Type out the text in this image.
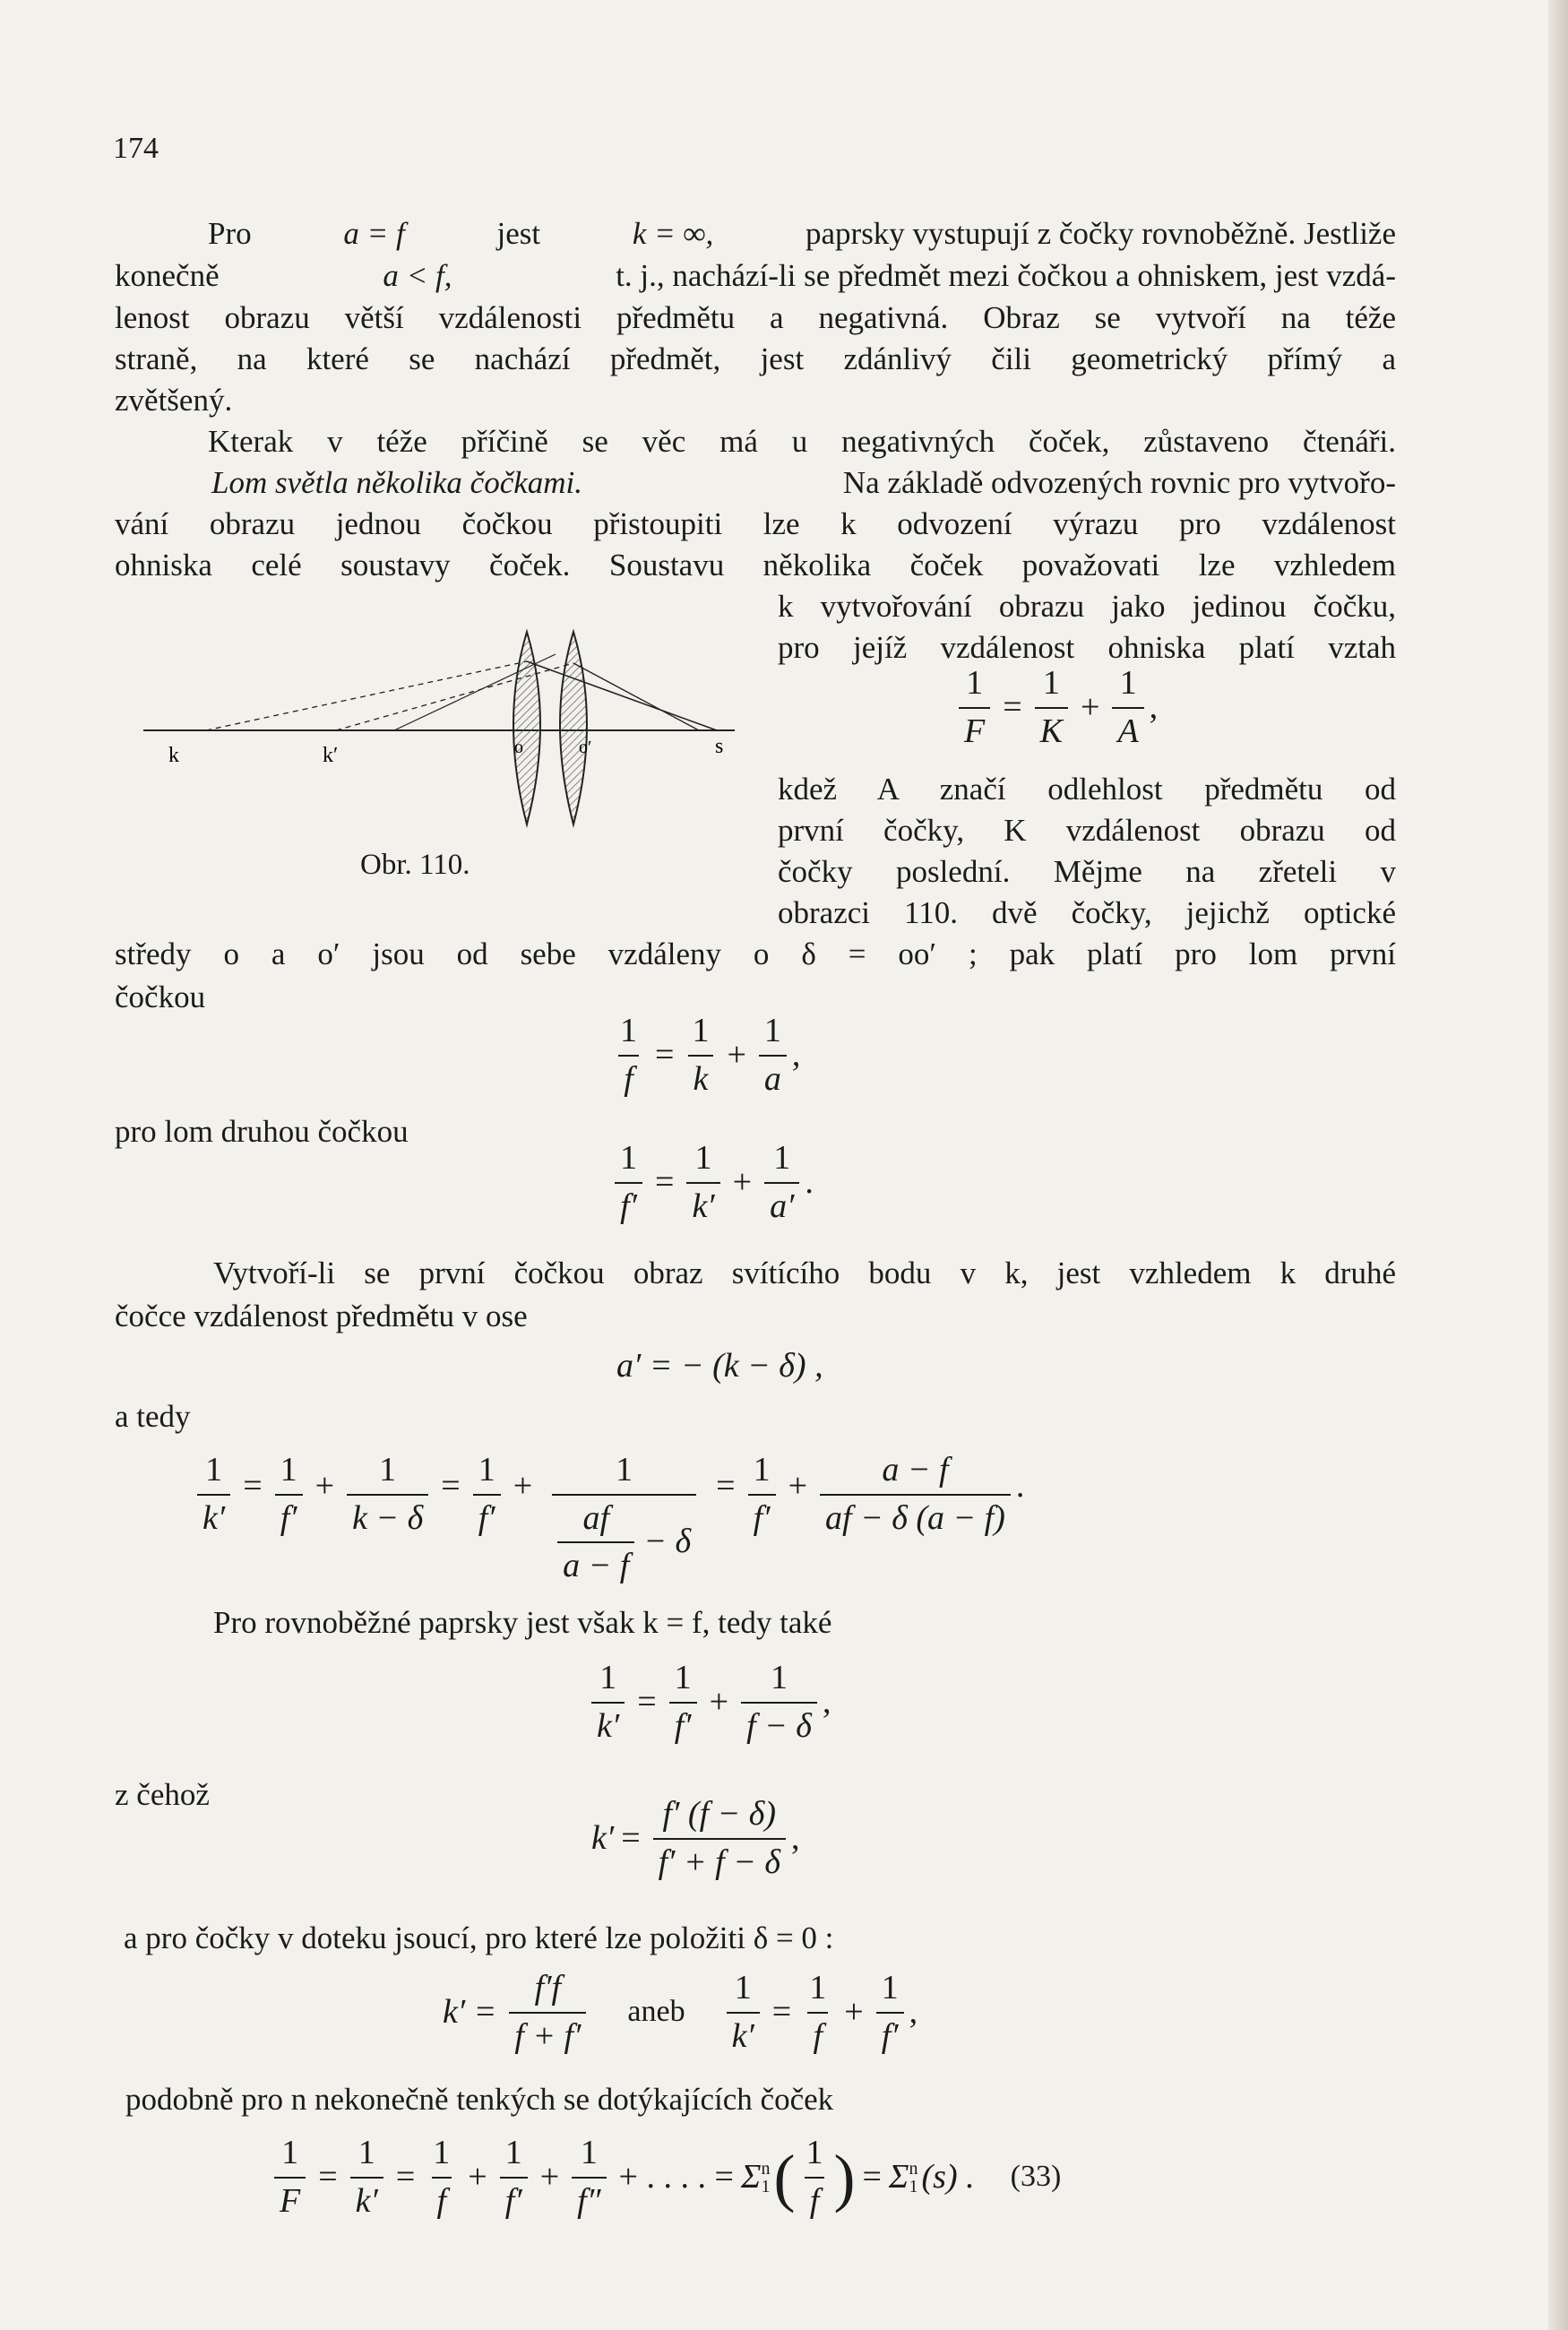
174
Pro	a = f	jest	k = ∞,	paprsky vystupují z čočky rovnoběžně. Jestliže
konečně	a < f,	t. j., nachází-li se předmět mezi čočkou a ohniskem, jest vzdá-
lenost obrazu větší vzdálenosti předmětu a negativná. Obraz se vytvoří na téže
straně, na které se nachází předmět, jest zdánlivý čili geometrický přímý a
zvětšený.
Kterak v téže příčině se věc má u negativných čoček, zůstaveno čtenáři.
Lom světla několika čočkami.	Na základě odvozených rovnic pro vytvořo-
vání obrazu jednou čočkou přistoupiti lze k odvození výrazu pro vzdálenost
ohniska celé soustavy čoček. Soustavu několika čoček považovati lze vzhledem
k vytvořování obrazu jako jedinou čočku,
pro jejíž vzdálenost ohniska platí vztah
k	k′	o	o′	s
Obr. 110.
$\frac{1}{F} = \frac{1}{K} + \frac{1}{A}$ ,
kdež A značí odlehlost předmětu od
první čočky, K vzdálenost obrazu od
čočky poslední. Mějme na zřeteli v
obrazci 110. dvě čočky, jejichž optické
středy o a o′ jsou od sebe vzdáleny o δ = oo′ ; pak platí pro lom první
čočkou
$\frac{1}{f} = \frac{1}{k} + \frac{1}{a}$ ,
pro lom druhou čočkou
$\frac{1}{f'} = \frac{1}{k'} + \frac{1}{a'}$ .
Vytvoří-li se první čočkou obraz svítícího bodu v k, jest vzhledem k druhé
čočce vzdálenost předmětu v ose
a′ = − (k − δ) ,
a tedy
$\frac{1}{k'} = \frac{1}{f'} + \frac{1}{k - \delta} = \frac{1}{f'} + \frac{1}{\frac{af}{a - f} - \delta} = \frac{1}{f'} + \frac{a - f}{af - \delta (a - f)}$ .
Pro rovnoběžné paprsky jest však k = f, tedy také
$\frac{1}{k'} = \frac{1}{f'} + \frac{1}{f - \delta}$ ,
z čehož
$k' = \frac{f' (f - \delta)}{f' + f - \delta}$ ,
a pro čočky v doteku jsoucí, pro které lze položiti δ = 0 :
$k' = \frac{f'f}{f + f'}$ aneb $\frac{1}{k'} = \frac{1}{f} + \frac{1}{f'}$ ,
podobně pro n nekonečně tenkých se dotýkajících čoček
$\frac{1}{F} = \frac{1}{k'} = \frac{1}{f} + \frac{1}{f'} + \frac{1}{f''}$ + . . . . = Σ n
1 ( $\frac{1}{f}$ ) = Σ n
1 (s) . (33)
